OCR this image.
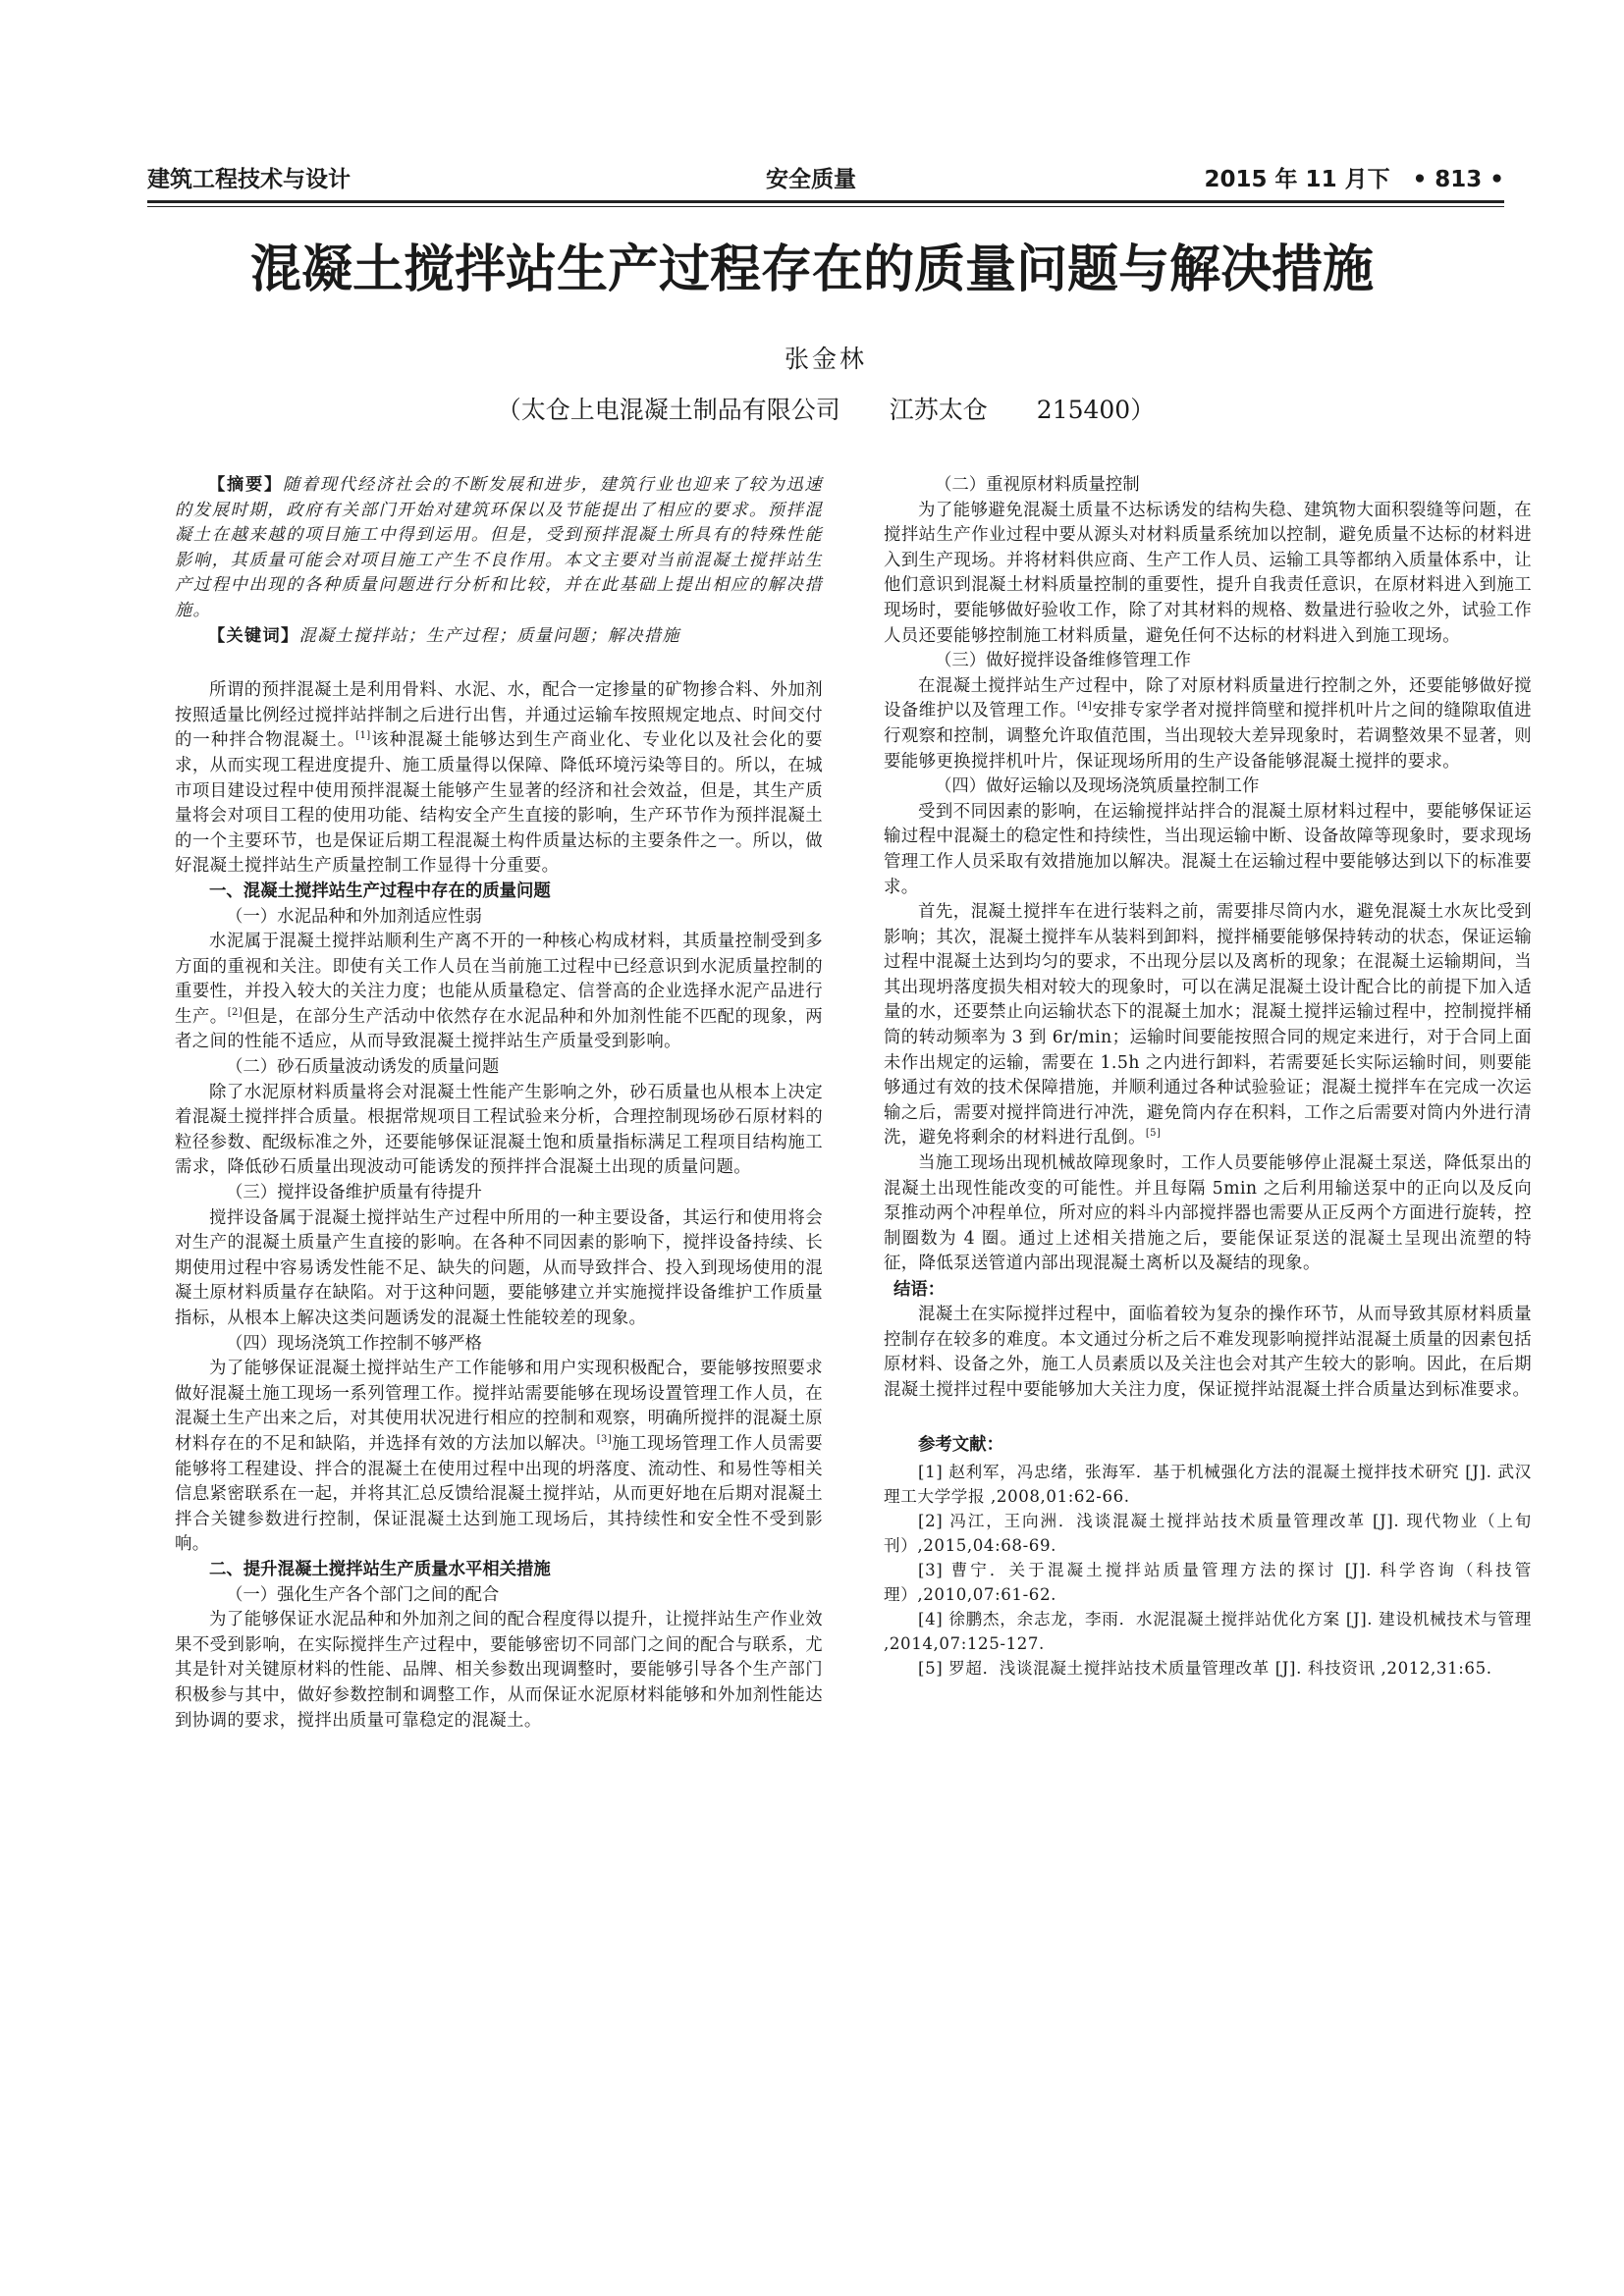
建筑工程技术与设计	安全质量	2015 年 11 月下　• 813 •
混凝土搅拌站生产过程存在的质量问题与解决措施
张金林
（太仓上电混凝土制品有限公司　　江苏太仓　　215400）

【摘要】随着现代经济社会的不断发展和进步，建筑行业也迎来了较为迅速的发展时期，政府有关部门开始对建筑环保以及节能提出了相应的要求。预拌混凝土在越来越的项目施工中得到运用。但是，受到预拌混凝土所具有的特殊性能影响，其质量可能会对项目施工产生不良作用。本文主要对当前混凝土搅拌站生产过程中出现的各种质量问题进行分析和比较，并在此基础上提出相应的解决措施。

【关键词】混凝土搅拌站；生产过程；质量问题；解决措施

所谓的预拌混凝土是利用骨料、水泥、水，配合一定掺量的矿物掺合料、外加剂按照适量比例经过搅拌站拌制之后进行出售，并通过运输车按照规定地点、时间交付的一种拌合物混凝土。[1]该种混凝土能够达到生产商业化、专业化以及社会化的要求，从而实现工程进度提升、施工质量得以保障、降低环境污染等目的。所以，在城市项目建设过程中使用预拌混凝土能够产生显著的经济和社会效益，但是，其生产质量将会对项目工程的使用功能、结构安全产生直接的影响，生产环节作为预拌混凝土的一个主要环节，也是保证后期工程混凝土构件质量达标的主要条件之一。所以，做好混凝土搅拌站生产质量控制工作显得十分重要。

一、混凝土搅拌站生产过程中存在的质量问题

（一）水泥品种和外加剂适应性弱

水泥属于混凝土搅拌站顺利生产离不开的一种核心构成材料，其质量控制受到多方面的重视和关注。即使有关工作人员在当前施工过程中已经意识到水泥质量控制的重要性，并投入较大的关注力度；也能从质量稳定、信誉高的企业选择水泥产品进行生产。[2]但是，在部分生产活动中依然存在水泥品种和外加剂性能不匹配的现象，两者之间的性能不适应，从而导致混凝土搅拌站生产质量受到影响。

（二）砂石质量波动诱发的质量问题

除了水泥原材料质量将会对混凝土性能产生影响之外，砂石质量也从根本上决定着混凝土搅拌拌合质量。根据常规项目工程试验来分析，合理控制现场砂石原材料的粒径参数、配级标准之外，还要能够保证混凝土饱和质量指标满足工程项目结构施工需求，降低砂石质量出现波动可能诱发的预拌拌合混凝土出现的质量问题。

（三）搅拌设备维护质量有待提升

搅拌设备属于混凝土搅拌站生产过程中所用的一种主要设备，其运行和使用将会对生产的混凝土质量产生直接的影响。在各种不同因素的影响下，搅拌设备持续、长期使用过程中容易诱发性能不足、缺失的问题，从而导致拌合、投入到现场使用的混凝土原材料质量存在缺陷。对于这种问题，要能够建立并实施搅拌设备维护工作质量指标，从根本上解决这类问题诱发的混凝土性能较差的现象。

（四）现场浇筑工作控制不够严格

为了能够保证混凝土搅拌站生产工作能够和用户实现积极配合，要能够按照要求做好混凝土施工现场一系列管理工作。搅拌站需要能够在现场设置管理工作人员，在混凝土生产出来之后，对其使用状况进行相应的控制和观察，明确所搅拌的混凝土原材料存在的不足和缺陷，并选择有效的方法加以解决。[3]施工现场管理工作人员需要能够将工程建设、拌合的混凝土在使用过程中出现的坍落度、流动性、和易性等相关信息紧密联系在一起，并将其汇总反馈给混凝土搅拌站，从而更好地在后期对混凝土拌合关键参数进行控制，保证混凝土达到施工现场后，其持续性和安全性不受到影响。

二、提升混凝土搅拌站生产质量水平相关措施

（一）强化生产各个部门之间的配合

为了能够保证水泥品种和外加剂之间的配合程度得以提升，让搅拌站生产作业效果不受到影响，在实际搅拌生产过程中，要能够密切不同部门之间的配合与联系，尤其是针对关键原材料的性能、品牌、相关参数出现调整时，要能够引导各个生产部门积极参与其中，做好参数控制和调整工作，从而保证水泥原材料能够和外加剂性能达到协调的要求，搅拌出质量可靠稳定的混凝土。

（二）重视原材料质量控制

为了能够避免混凝土质量不达标诱发的结构失稳、建筑物大面积裂缝等问题，在搅拌站生产作业过程中要从源头对材料质量系统加以控制，避免质量不达标的材料进入到生产现场。并将材料供应商、生产工作人员、运输工具等都纳入质量体系中，让他们意识到混凝土材料质量控制的重要性，提升自我责任意识，在原材料进入到施工现场时，要能够做好验收工作，除了对其材料的规格、数量进行验收之外，试验工作人员还要能够控制施工材料质量，避免任何不达标的材料进入到施工现场。

（三）做好搅拌设备维修管理工作

在混凝土搅拌站生产过程中，除了对原材料质量进行控制之外，还要能够做好搅设备维护以及管理工作。[4]安排专家学者对搅拌筒壁和搅拌机叶片之间的缝隙取值进行观察和控制，调整允许取值范围，当出现较大差异现象时，若调整效果不显著，则要能够更换搅拌机叶片，保证现场所用的生产设备能够混凝土搅拌的要求。

（四）做好运输以及现场浇筑质量控制工作

受到不同因素的影响，在运输搅拌站拌合的混凝土原材料过程中，要能够保证运输过程中混凝土的稳定性和持续性，当出现运输中断、设备故障等现象时，要求现场管理工作人员采取有效措施加以解决。混凝土在运输过程中要能够达到以下的标准要求。

首先，混凝土搅拌车在进行装料之前，需要排尽筒内水，避免混凝土水灰比受到影响；其次，混凝土搅拌车从装料到卸料，搅拌桶要能够保持转动的状态，保证运输过程中混凝土达到均匀的要求，不出现分层以及离析的现象；在混凝土运输期间，当其出现坍落度损失相对较大的现象时，可以在满足混凝土设计配合比的前提下加入适量的水，还要禁止向运输状态下的混凝土加水；混凝土搅拌运输过程中，控制搅拌桶筒的转动频率为 3 到 6r/min；运输时间要能按照合同的规定来进行，对于合同上面未作出规定的运输，需要在 1.5h 之内进行卸料，若需要延长实际运输时间，则要能够通过有效的技术保障措施，并顺利通过各种试验验证；混凝土搅拌车在完成一次运输之后，需要对搅拌筒进行冲洗，避免筒内存在积料，工作之后需要对筒内外进行清洗，避免将剩余的材料进行乱倒。[5]

当施工现场出现机械故障现象时，工作人员要能够停止混凝土泵送，降低泵出的混凝土出现性能改变的可能性。并且每隔 5min 之后利用输送泵中的正向以及反向泵推动两个冲程单位，所对应的料斗内部搅拌器也需要从正反两个方面进行旋转，控制圈数为 4 圈。通过上述相关措施之后，要能保证泵送的混凝土呈现出流塑的特征，降低泵送管道内部出现混凝土离析以及凝结的现象。

结语：

混凝土在实际搅拌过程中，面临着较为复杂的操作环节，从而导致其原材料质量控制存在较多的难度。本文通过分析之后不难发现影响搅拌站混凝土质量的因素包括原材料、设备之外，施工人员素质以及关注也会对其产生较大的影响。因此，在后期混凝土搅拌过程中要能够加大关注力度，保证搅拌站混凝土拌合质量达到标准要求。

参考文献：

[1] 赵利军，冯忠绪，张海军．基于机械强化方法的混凝土搅拌技术研究 [J]. 武汉理工大学学报 ,2008,01:62-66.

[2] 冯江，王向洲．浅谈混凝土搅拌站技术质量管理改革 [J]. 现代物业（上旬刊）,2015,04:68-69.

[3] 曹宁．关于混凝土搅拌站质量管理方法的探讨 [J]. 科学咨询（科技管理）,2010,07:61-62.

[4] 徐鹏杰，余志龙，李雨．水泥混凝土搅拌站优化方案 [J]. 建设机械技术与管理 ,2014,07:125-127.

[5] 罗超．浅谈混凝土搅拌站技术质量管理改革 [J]. 科技资讯 ,2012,31:65.
